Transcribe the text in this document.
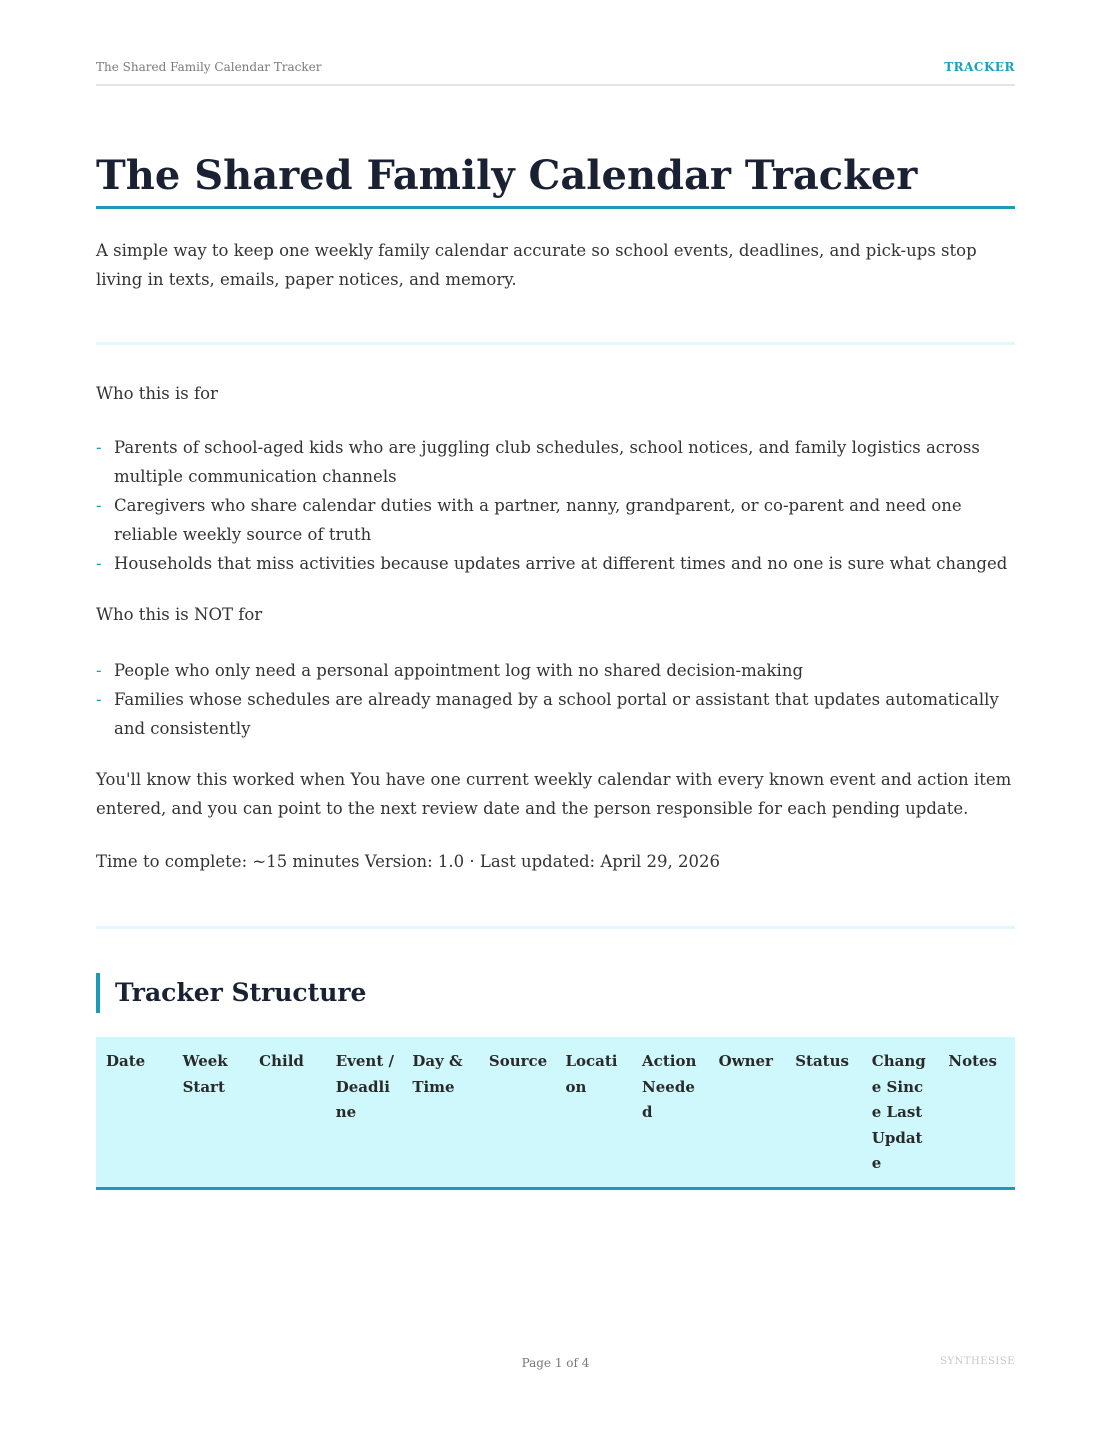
The Shared Family Calendar Tracker	TRACKER
The Shared Family Calendar Tracker

A simple way to keep one weekly family calendar accurate so school events, deadlines, and pick-ups stop living in texts, emails, paper notices, and memory.

Who this is for

- Parents of school-aged kids who are juggling club schedules, school notices, and family logistics across multiple communication channels
- Caregivers who share calendar duties with a partner, nanny, grandparent, or co-parent and need one reliable weekly source of truth
- Households that miss activities because updates arrive at different times and no one is sure what changed

Who this is NOT for

- People who only need a personal appointment log with no shared decision-making
- Families whose schedules are already managed by a school portal or assistant that updates automatically and consistently

You'll know this worked when You have one current weekly calendar with every known event and action item entered, and you can point to the next review date and the person responsible for each pending update.

Time to complete: ~15 minutes Version: 1.0 · Last updated: April 29, 2026

Tracker Structure
Date	Week Start	Child	Event / Deadline	Day & Time	Source	Location	Action Needed	Owner	Status	Change Since Last Update	Notes
Page 1 of 4	SYNTHESISE
